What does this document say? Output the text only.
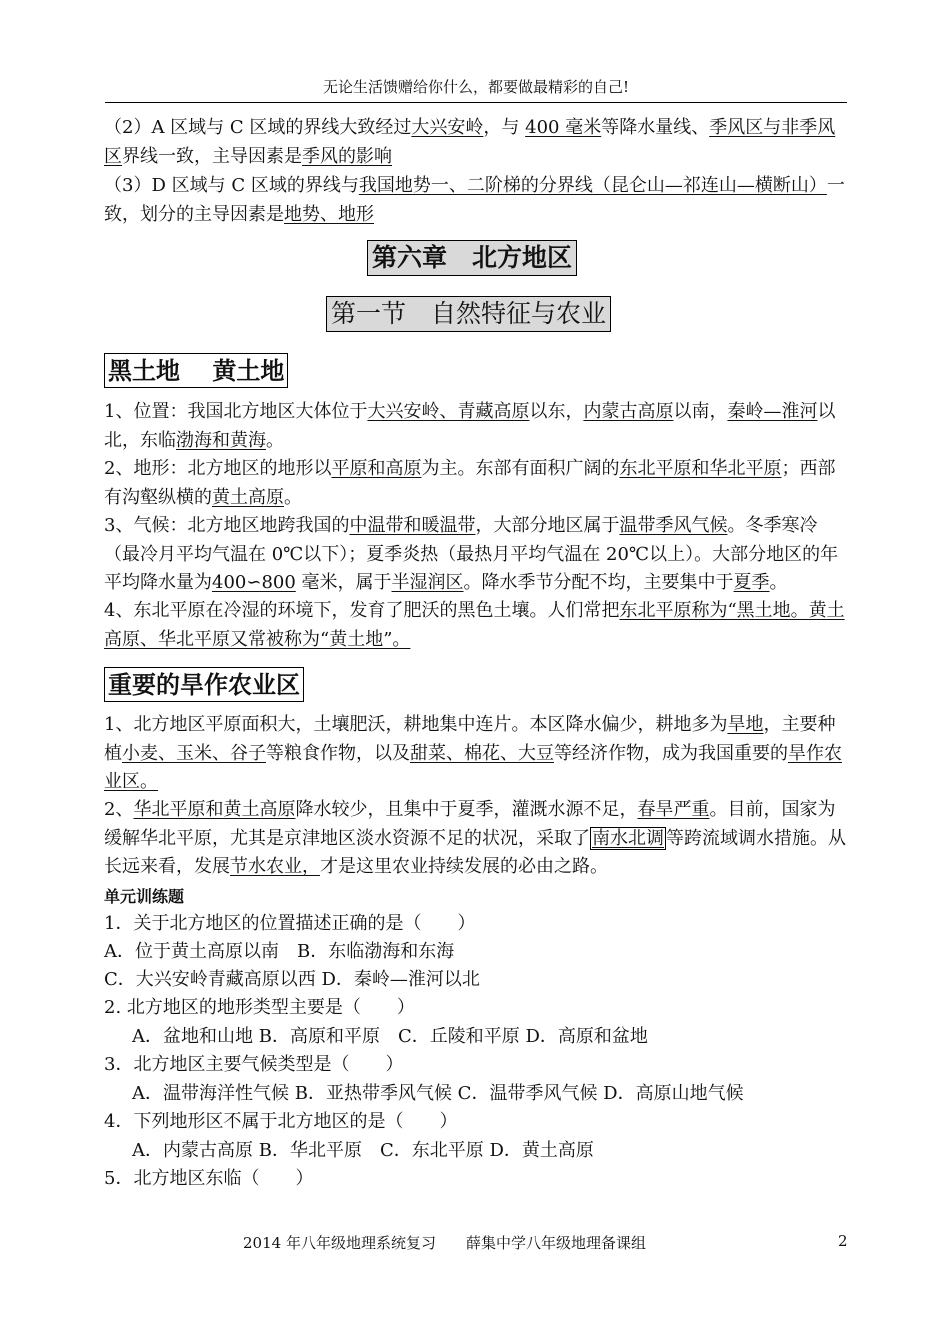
无论生活馈赠给你什么，都要做最精彩的自己!
（2）A 区域与 C 区域的界线大致经过大兴安岭，与 400 毫米等降水量线、季风区与非季风区界线一致，主导因素是季风的影响
（3）D 区域与 C 区域的界线与我国地势一、二阶梯的分界线（昆仑山—祁连山—横断山）一致，划分的主导因素是地势、地形
第六章　北方地区
第一节　自然特征与农业
黑土地　 黄土地
1、位置：我国北方地区大体位于大兴安岭、青藏高原以东，内蒙古高原以南，秦岭—淮河以北，东临渤海和黄海。
2、地形：北方地区的地形以平原和高原为主。东部有面积广阔的东北平原和华北平原；西部有沟壑纵横的黄土高原。
3、气候：北方地区地跨我国的中温带和暖温带，大部分地区属于温带季风气候。冬季寒冷（最冷月平均气温在 0℃以下）；夏季炎热（最热月平均气温在 20℃以上）。大部分地区的年平均降水量为400∽800 毫米，属于半湿润区。降水季节分配不均，主要集中于夏季。
4、东北平原在冷湿的环境下，发育了肥沃的黑色土壤。人们常把东北平原称为“黑土地。黄土高原、华北平原又常被称为“黄土地”。
重要的旱作农业区
1、北方地区平原面积大，土壤肥沃，耕地集中连片。本区降水偏少，耕地多为旱地，主要种植小麦、玉米、谷子等粮食作物，以及甜菜、棉花、大豆等经济作物，成为我国重要的旱作农业区。
2、华北平原和黄土高原降水较少，且集中于夏季，灌溉水源不足，春旱严重。目前，国家为缓解华北平原，尤其是京津地区淡水资源不足的状况，采取了 南水北调 等跨流域调水措施。从长远来看，发展节水农业，才是这里农业持续发展的必由之路。
单元训练题
1．关于北方地区的位置描述正确的是（　　）
A．位于黄土高原以南　B．东临渤海和东海
C．大兴安岭青藏高原以西 D．秦岭—淮河以北
2. 北方地区的地形类型主要是（　　）
A．盆地和山地 B．高原和平原　C．丘陵和平原 D．高原和盆地
3．北方地区主要气候类型是（　　）
A．温带海洋性气候 B．亚热带季风气候 C．温带季风气候 D．高原山地气候
4．下列地形区不属于北方地区的是（　　）
A．内蒙古高原 B．华北平原　C．东北平原 D．黄土高原
5．北方地区东临（　　）
2014 年八年级地理系统复习　　薛集中学八年级地理备课组	2
